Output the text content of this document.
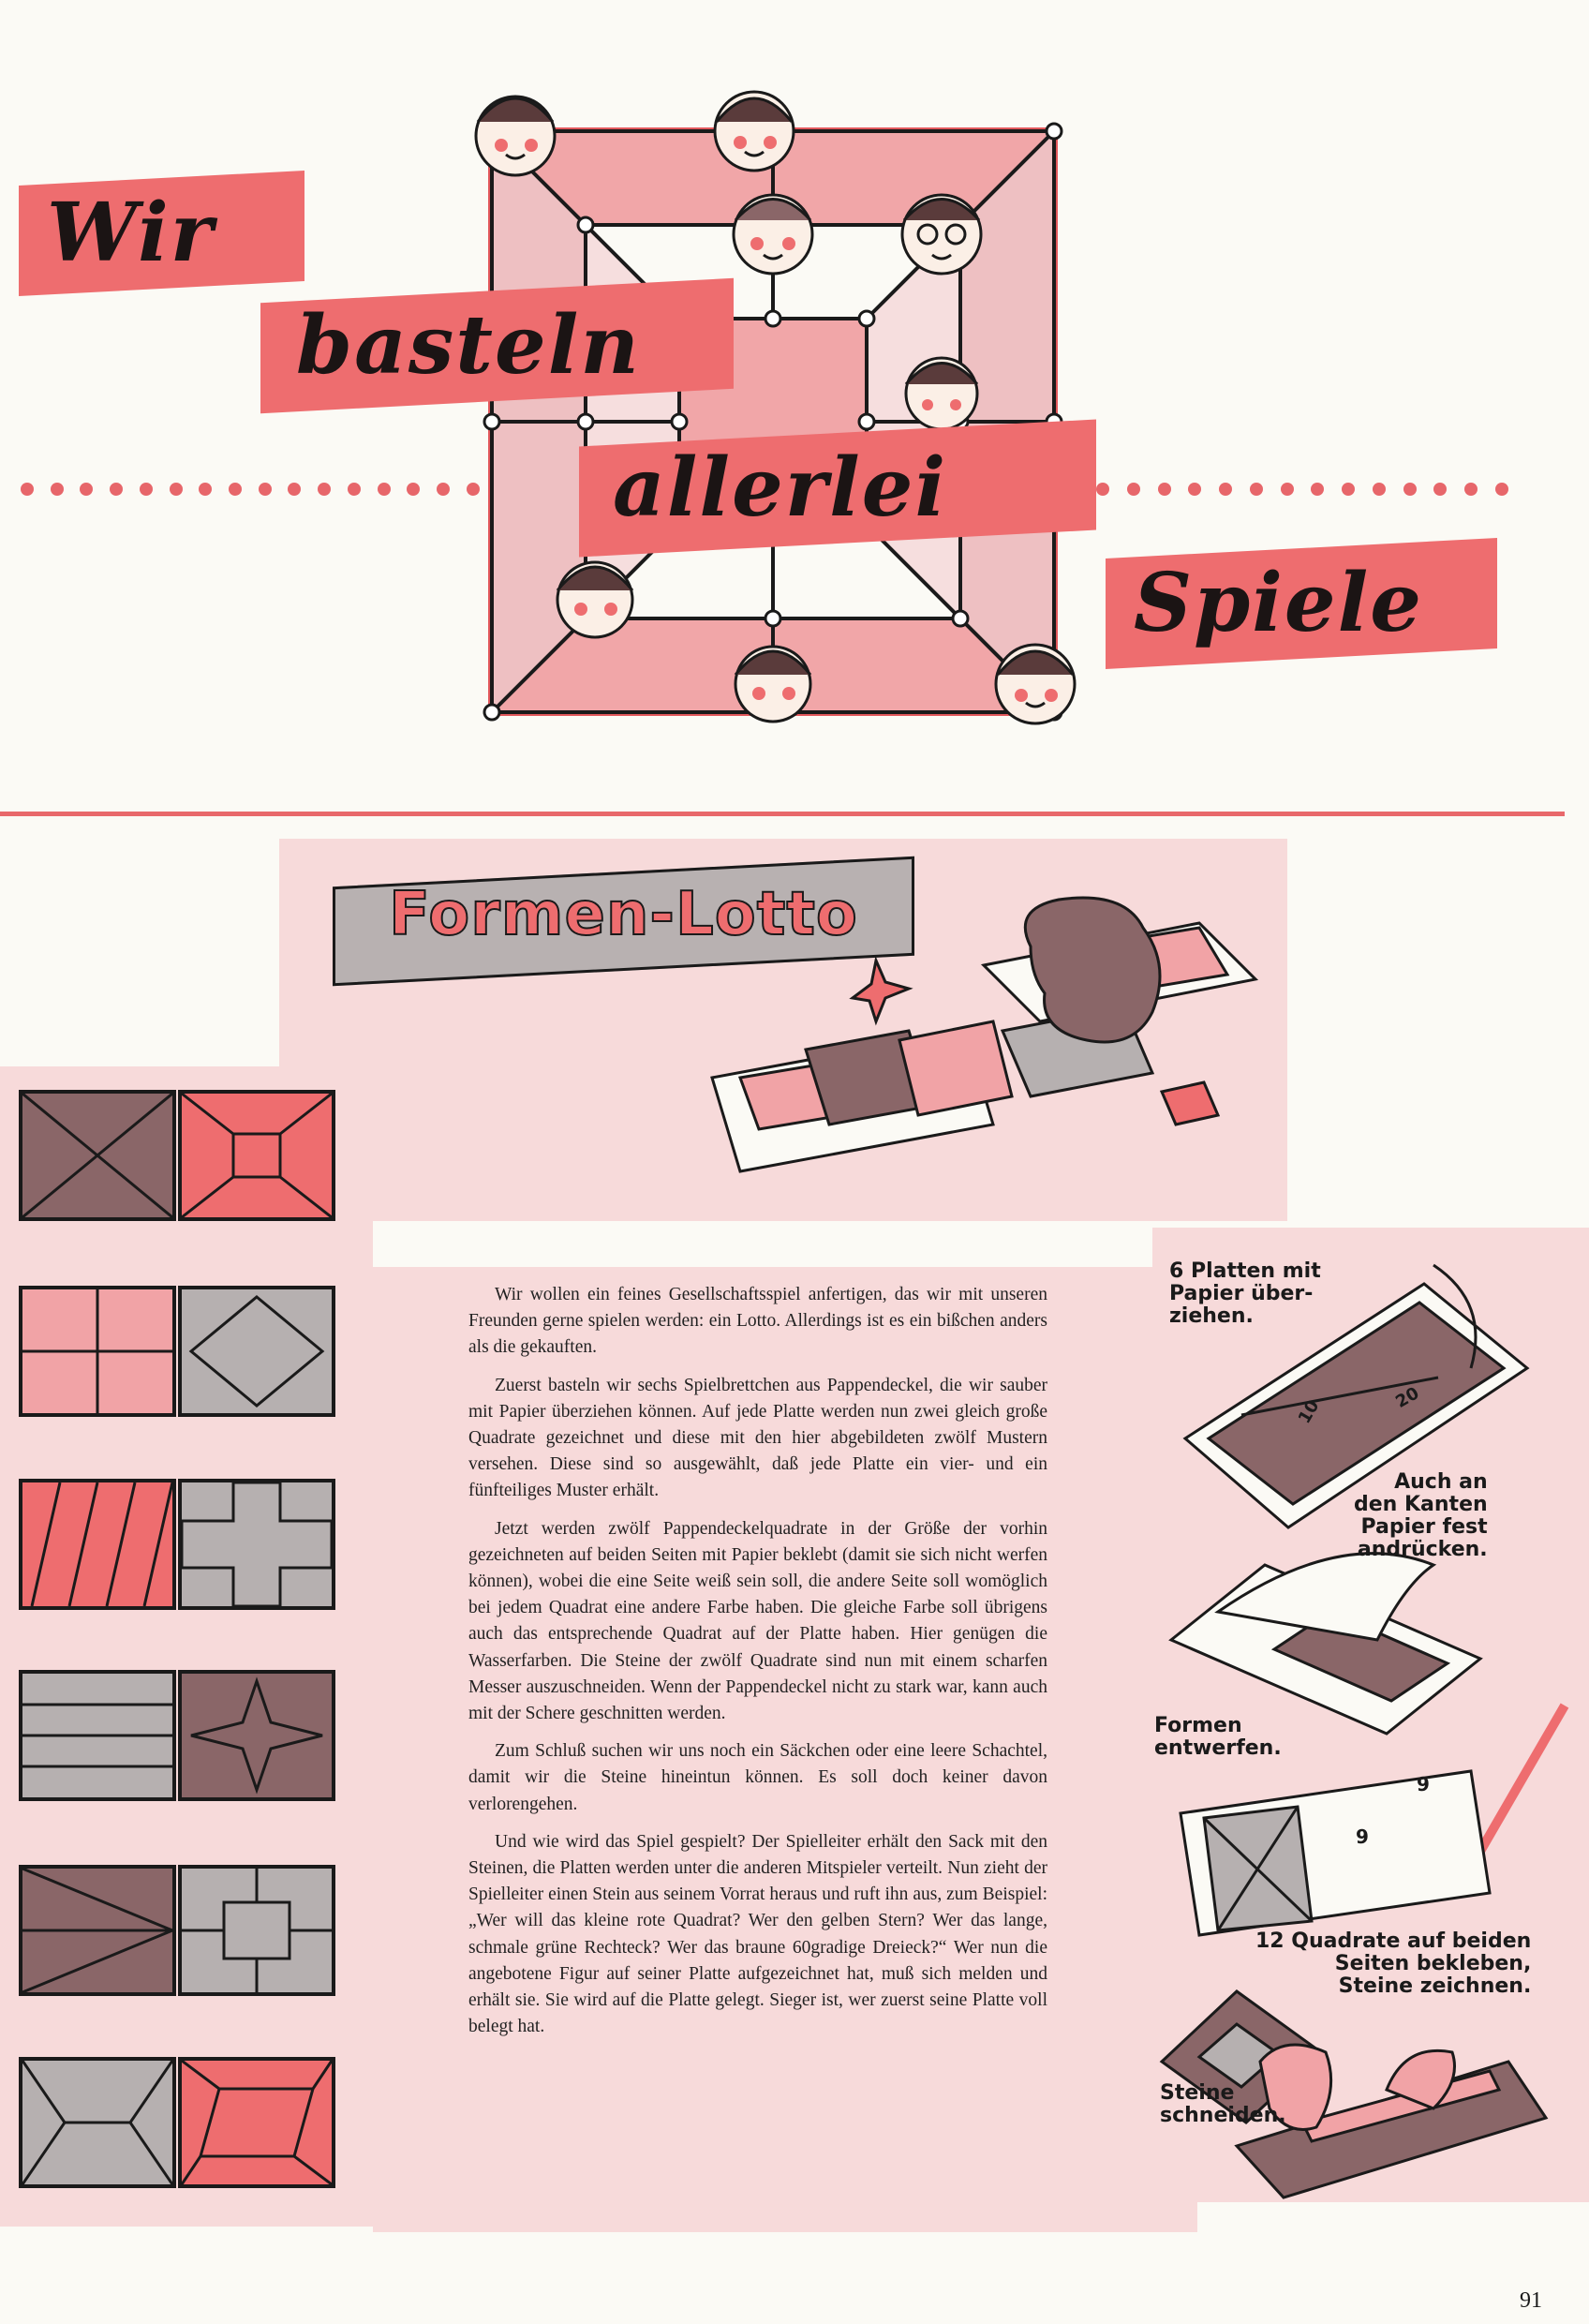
Wir
basteln
allerlei
Spiele
Formen-Lotto

Wir wollen ein feines Gesellschaftsspiel anfertigen, das wir mit unseren Freunden gerne spielen werden: ein Lotto. Allerdings ist es ein bißchen anders als die gekauften.

Zuerst basteln wir sechs Spielbrettchen aus Pappendeckel, die wir sauber mit Papier überziehen können. Auf jede Platte werden nun zwei gleich große Quadrate gezeichnet und diese mit den hier abgebildeten zwölf Mustern versehen. Diese sind so ausgewählt, daß jede Platte ein vier- und ein fünfteiliges Muster erhält.

Jetzt werden zwölf Pappendeckelquadrate in der Größe der vorhin gezeichneten auf beiden Seiten mit Papier beklebt (damit sie sich nicht werfen können), wobei die eine Seite weiß sein soll, die andere Seite soll womöglich bei jedem Quadrat eine andere Farbe haben. Die gleiche Farbe soll übrigens auch das entsprechende Quadrat auf der Platte haben. Hier genügen die Wasserfarben. Die Steine der zwölf Quadrate sind nun mit einem scharfen Messer auszuschneiden. Wenn der Pappendeckel nicht zu stark war, kann auch mit der Schere geschnitten werden.

Zum Schluß suchen wir uns noch ein Säckchen oder eine leere Schachtel, damit wir die Steine hineintun können. Es soll doch keiner davon verlorengehen.

Und wie wird das Spiel gespielt? Der Spielleiter erhält den Sack mit den Steinen, die Platten werden unter die anderen Mitspieler verteilt. Nun zieht der Spielleiter einen Stein aus seinem Vorrat heraus und ruft ihn aus, zum Beispiel: „Wer will das kleine rote Quadrat? Wer den gelben Stern? Wer das lange, schmale grüne Rechteck? Wer das braune 60gradige Dreieck?“ Wer nun die angebotene Figur auf seiner Platte aufgezeichnet hat, muß sich melden und erhält sie. Sie wird auf die Platte gelegt. Sieger ist, wer zuerst seine Platte voll belegt hat.

6 Platten mit
Papier über-
ziehen.
10	20
Auch an
den Kanten
Papier fest
andrücken.
Formen
entwerfen.
9
9
12 Quadrate auf beiden
Seiten bekleben,
Steine zeichnen.
Steine
schneiden.
91
